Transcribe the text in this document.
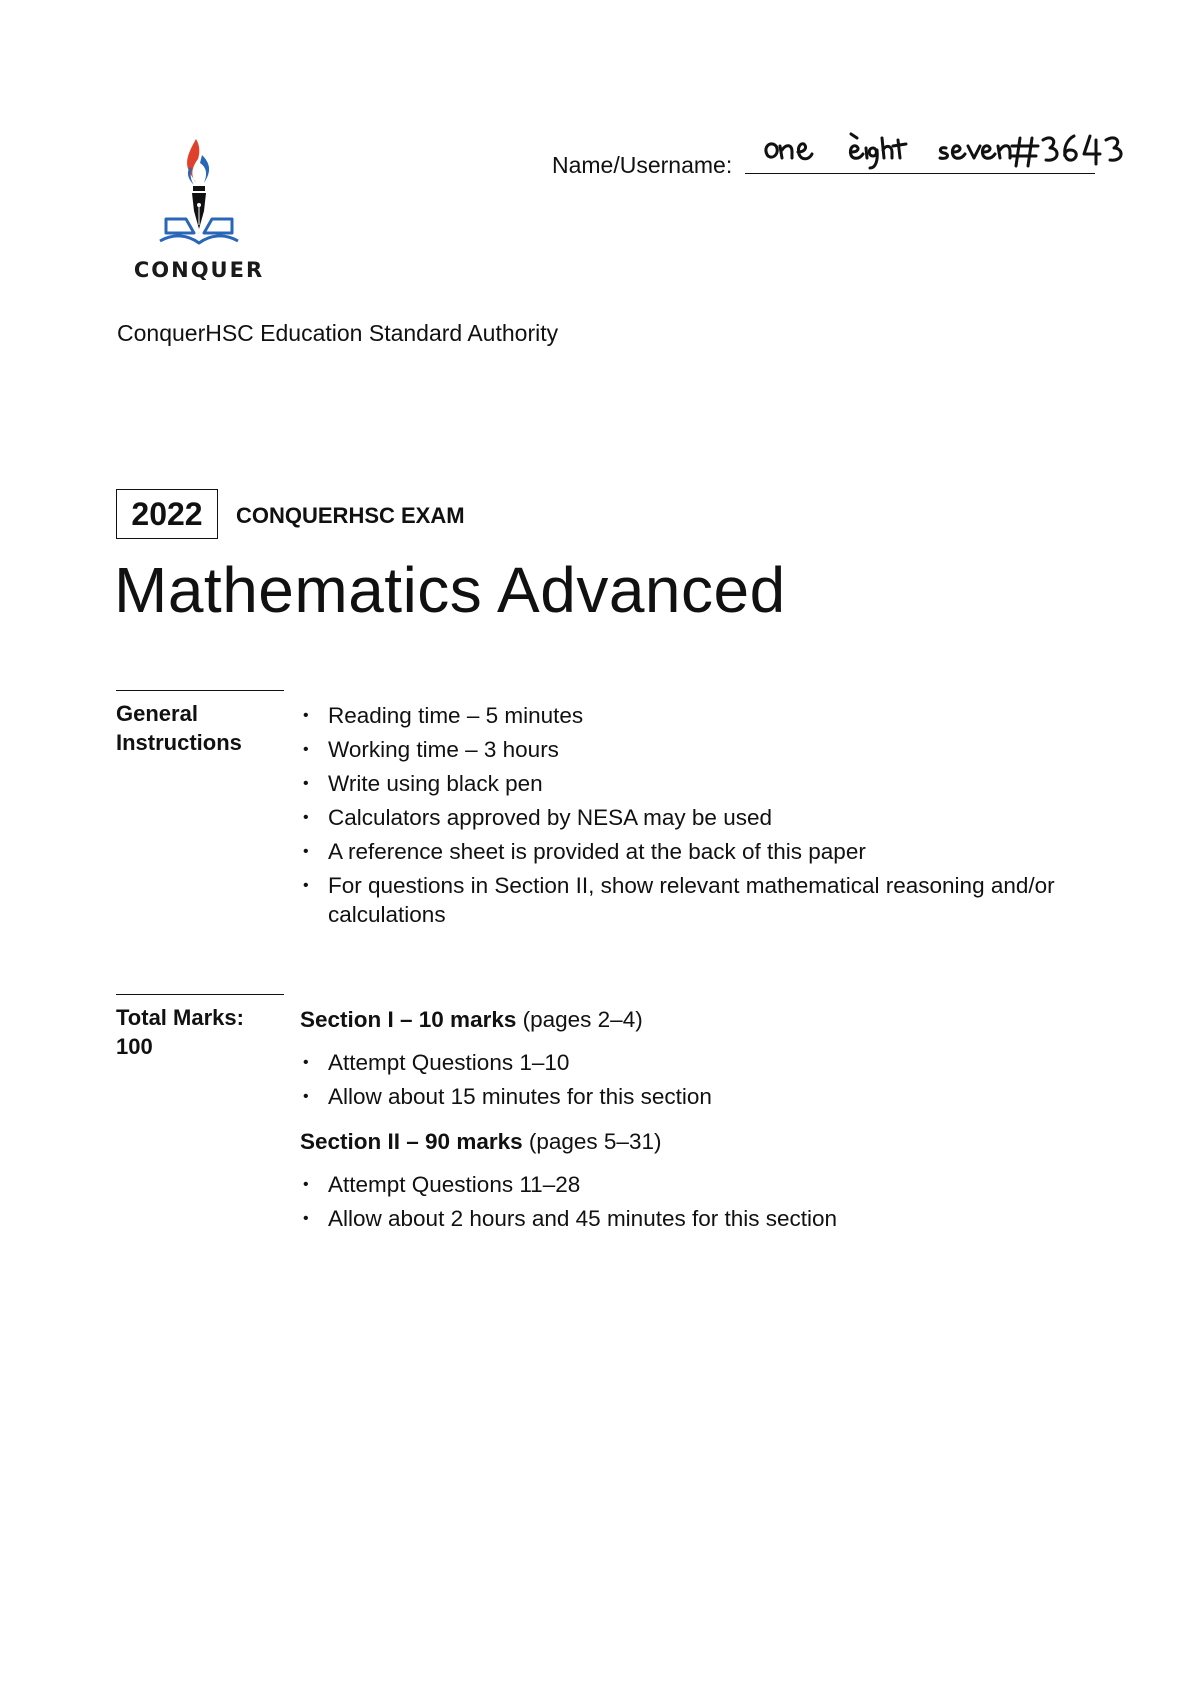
CONQUER
Name/Username:
ConquerHSC Education Standard Authority
2022	CONQUERHSC EXAM
Mathematics Advanced
General
Instructions
• Reading time – 5 minutes
• Working time – 3 hours
• Write using black pen
• Calculators approved by NESA may be used
• A reference sheet is provided at the back of this paper
• For questions in Section II, show relevant mathematical reasoning and/or calculations
Total Marks:
100
Section I – 10 marks (pages 2–4)
• Attempt Questions 1–10
• Allow about 15 minutes for this section
Section II – 90 marks (pages 5–31)
• Attempt Questions 11–28
• Allow about 2 hours and 45 minutes for this section
